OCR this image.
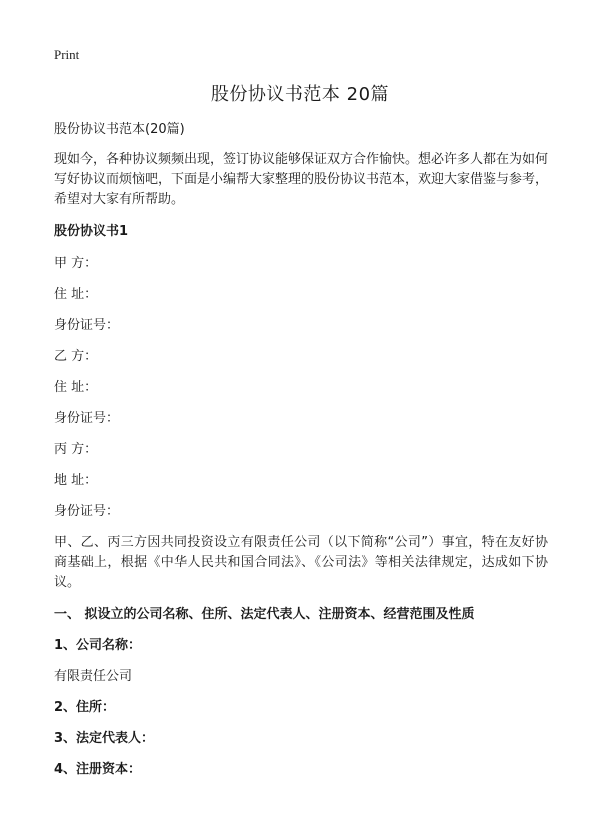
Print
股份协议书范本 20篇

股份协议书范本(20篇)

现如今，各种协议频频出现，签订协议能够保证双方合作愉快。想必许多人都在为如何写好协议而烦恼吧，下面是小编帮大家整理的股份协议书范本，欢迎大家借鉴与参考，希望对大家有所帮助。

股份协议书1

甲 方：

住 址：

身份证号：

乙 方：

住 址：

身份证号：

丙 方：

地 址：

身份证号：

甲、乙、丙三方因共同投资设立有限责任公司（以下简称“公司”）事宜，特在友好协商基础上，根据《中华人民共和国合同法》、《公司法》等相关法律规定，达成如下协议。

一、 拟设立的公司名称、住所、法定代表人、注册资本、经营范围及性质

1、公司名称：

有限责任公司

2、住所：

3、法定代表人：

4、注册资本：
